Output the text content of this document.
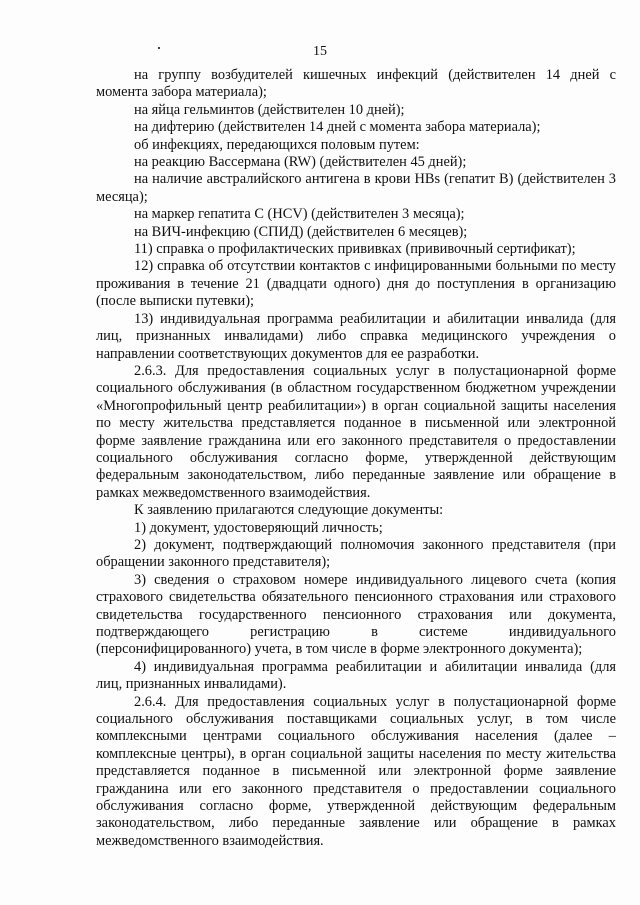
15

на группу возбудителей кишечных инфекций (действителен 14 дней с момента забора материала);

на яйца гельминтов (действителен 10 дней);

на дифтерию (действителен 14 дней с момента забора материала);

об инфекциях, передающихся половым путем:

на реакцию Вассермана (RW) (действителен 45 дней);

на наличие австралийского антигена в крови HBs (гепатит B) (действителен 3 месяца);

на маркер гепатита C (HCV) (действителен 3 месяца);

на ВИЧ-инфекцию (СПИД) (действителен 6 месяцев);

11) справка о профилактических прививках (прививочный сертификат);

12) справка об отсутствии контактов с инфицированными больными по месту проживания в течение 21 (двадцати одного) дня до поступления в организацию (после выписки путевки);

13) индивидуальная программа реабилитации и абилитации инвалида (для лиц, признанных инвалидами) либо справка медицинского учреждения о направлении соответствующих документов для ее разработки.

2.6.3. Для предоставления социальных услуг в полустационарной форме социального обслуживания (в областном государственном бюджетном учреждении «Многопрофильный центр реабилитации») в орган социальной защиты населения по месту жительства представляется поданное в письменной или электронной форме заявление гражданина или его законного представителя о предоставлении социального обслуживания согласно форме, утвержденной действующим федеральным законодательством, либо переданные заявление или обращение в рамках межведомственного взаимодействия.

К заявлению прилагаются следующие документы:

1) документ, удостоверяющий личность;

2) документ, подтверждающий полномочия законного представителя (при обращении законного представителя);

3) сведения о страховом номере индивидуального лицевого счета (копия страхового свидетельства обязательного пенсионного страхования или страхового свидетельства государственного пенсионного страхования или документа, подтверждающего регистрацию в системе индивидуального (персонифицированного) учета, в том числе в форме электронного документа);

4) индивидуальная программа реабилитации и абилитации инвалида (для лиц, признанных инвалидами).

2.6.4. Для предоставления социальных услуг в полустационарной форме социального обслуживания поставщиками социальных услуг, в том числе комплексными центрами социального обслуживания населения (далее – комплексные центры), в орган социальной защиты населения по месту жительства представляется поданное в письменной или электронной форме заявление гражданина или его законного представителя о предоставлении социального обслуживания согласно форме, утвержденной действующим федеральным законодательством, либо переданные заявление или обращение в рамках межведомственного взаимодействия.
